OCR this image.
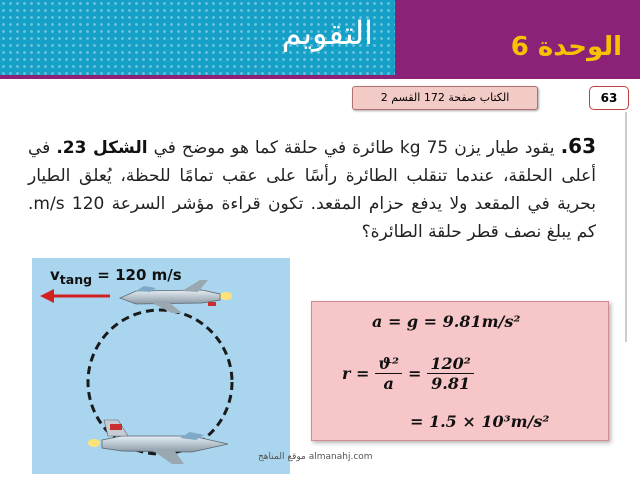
التقويم	الوحدة 6
الكتاب صفحة 172 القسم 2	63
63. يقود طيار يزن 75 kg طائرة في حلقة كما هو موضح في الشكل 23. في أعلى الحلقة، عندما تنقلب الطائرة رأسًا على عقب تمامًا للحظة، يُعلق الطيار بحرية في المقعد ولا يدفع حزام المقعد. تكون قراءة مؤشر السرعة 120 m/s. كم يبلغ نصف قطر حلقة الطائرة؟
$v_{tang} = 120$ m/s
a = g = 9.81m/s²
$r = \frac{\text{ϑ²}}{a} = \frac{\text{120²}}{9.81}$
= 1.5 × 10³m/s²
موقع المناهج almanahj.com
